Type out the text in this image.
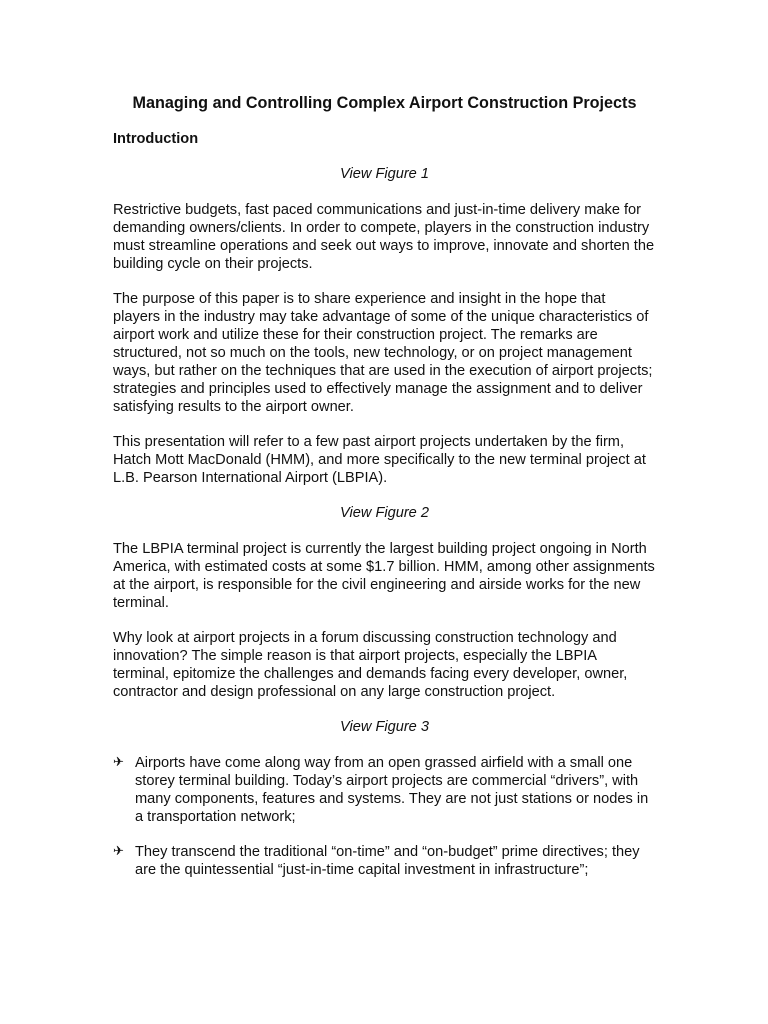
Managing and Controlling Complex Airport Construction Projects
Introduction
View Figure 1

Restrictive budgets, fast paced communications and just-in-time delivery make for demanding owners/clients. In order to compete, players in the construction industry must streamline operations and seek out ways to improve, innovate and shorten the building cycle on their projects.

The purpose of this paper is to share experience and insight in the hope that players in the industry may take advantage of some of the unique characteristics of airport work and utilize these for their construction project. The remarks are structured, not so much on the tools, new technology, or on project management ways, but rather on the techniques that are used in the execution of airport projects; strategies and principles used to effectively manage the assignment and to deliver satisfying results to the airport owner.

This presentation will refer to a few past airport projects undertaken by the firm, Hatch Mott MacDonald (HMM), and more specifically to the new terminal project at L.B. Pearson International Airport (LBPIA).

View Figure 2

The LBPIA terminal project is currently the largest building project ongoing in North America, with estimated costs at some $1.7 billion. HMM, among other assignments at the airport, is responsible for the civil engineering and airside works for the new terminal.

Why look at airport projects in a forum discussing construction technology and innovation? The simple reason is that airport projects, especially the LBPIA terminal, epitomize the challenges and demands facing every developer, owner, contractor and design professional on any large construction project.

View Figure 3
✈ Airports have come along way from an open grassed airfield with a small one storey terminal building. Today’s airport projects are commercial “drivers”, with many components, features and systems. They are not just stations or nodes in a transportation network;
✈ They transcend the traditional “on-time” and “on-budget” prime directives; they are the quintessential “just-in-time capital investment in infrastructure”;
